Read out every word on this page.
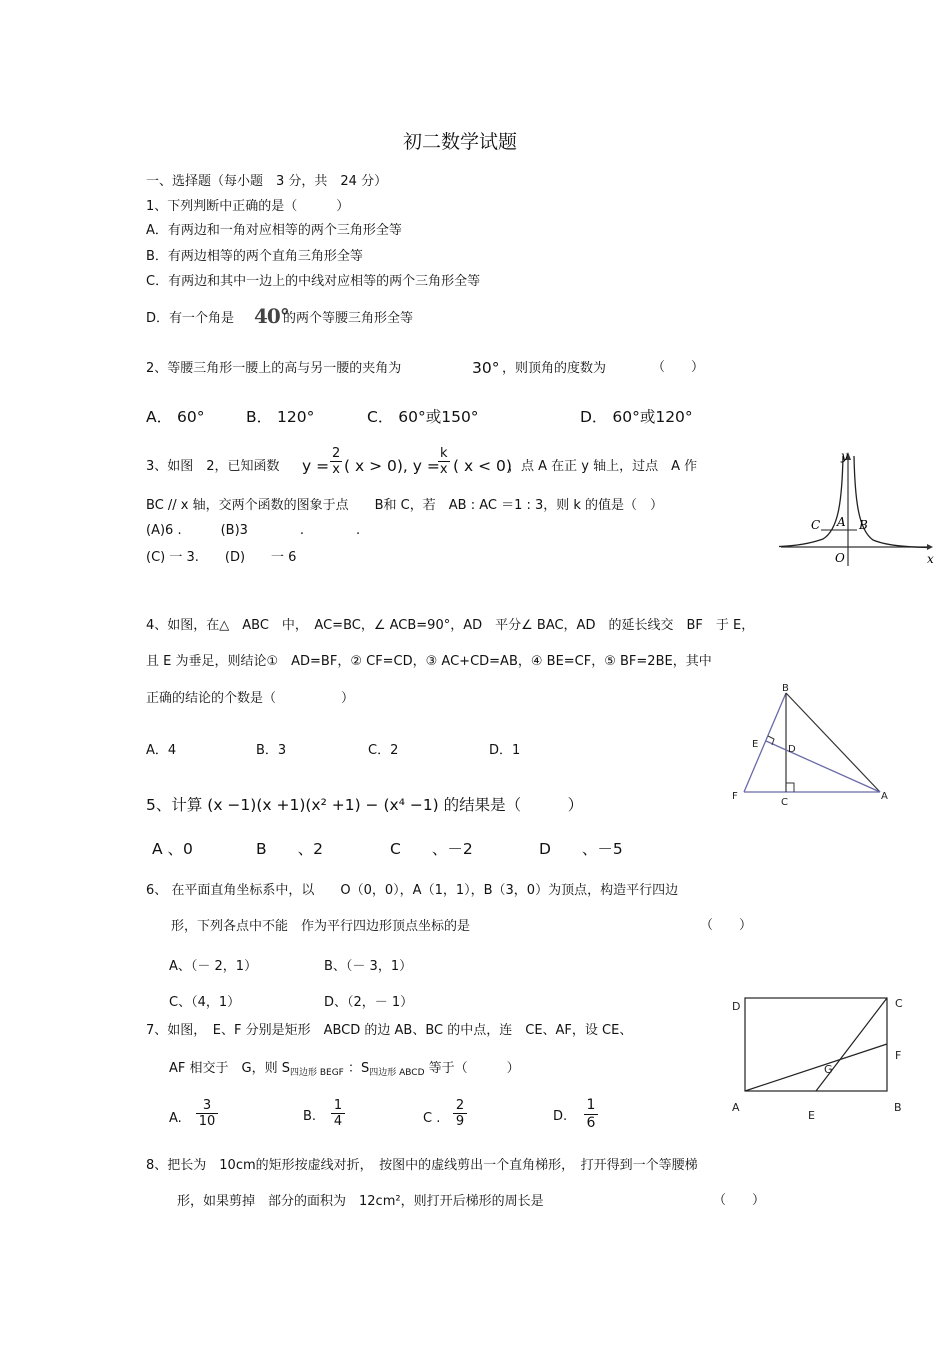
初二数学试题
一、选择题（每小题　3 分，共　24 分）
1、下列判断中正确的是（　　　）
A．有两边和一角对应相等的两个三角形全等
B．有两边相等的两个直角三角形全等
C．有两边和其中一边上的中线对应相等的两个三角形全等
D．有一个角是 40°
的两个等腰三角形全等
2、等腰三角形一腰上的高与另一腰的夹角为	30° ，则顶角的度数为	（　　）
A． 60°	B． 120°	C． 60°或150°	D． 60°或120°
3、如图　2，已知函数 $y = \frac{2}{x}$ ( x > 0), y =
$\frac{k}{x}$ ( x < 0)
，点 A 在正 y 轴上，过点　A 作
BC // x 轴，交两个函数的图象于点　　B和 C，若　AB : AC ＝1 : 3，则 k 的值是（　）
(A)6 .　　　(B)3　　　　.　　　　.
(C) 一 3.　　(D)　　一 6
y
x
O
C A B
4、如图，在△　ABC　中，　AC=BC，∠ ACB=90°，AD　平分∠ BAC，AD　的延长线交　BF　于 E，
且 E 为垂足，则结论①　AD=BF，② CF=CD，③ AC+CD=AB，④ BE=CF，⑤ BF=2BE，其中
正确的结论的个数是（　　　　　）
A．4	B．3	C．2	D．1
B
E	D
F
C
A
5、计算 (x −1)(x +1)(x² +1) − (x⁴ −1) 的结果是（　　　）
A 、0	B　　、2	C　　、－2	D　　、－5
6、 在平面直角坐标系中，以　　O（0，0），A（1，1），B（3，0）为顶点，构造平行四边
形，下列各点中不能　作为平行四边形顶点坐标的是	（　　）
A、（－ 2，1）	B、（－ 3，1）
C、（4，1）	D、（2，－ 1）
7、如图，　E、F 分别是矩形　ABCD 的边 AB、BC 的中点，连　CE、AF，设 CE、
AF 相交于　G，则 $S_{四边形 BEGF}$ ：$S_{四边形 ABCD}$ 等于（　　　）
A. $\frac{3}{10}$	B. $\frac{1}{4}$	C . $\frac{2}{9}$	D. $\frac{1}{6}$
D	C
F
G
A
E
B
8、把长为　10cm的矩形按虚线对折，　按图中的虚线剪出一个直角梯形，　打开得到一个等腰梯
形，如果剪掉　部分的面积为　12cm²，则打开后梯形的周长是	（　　）
